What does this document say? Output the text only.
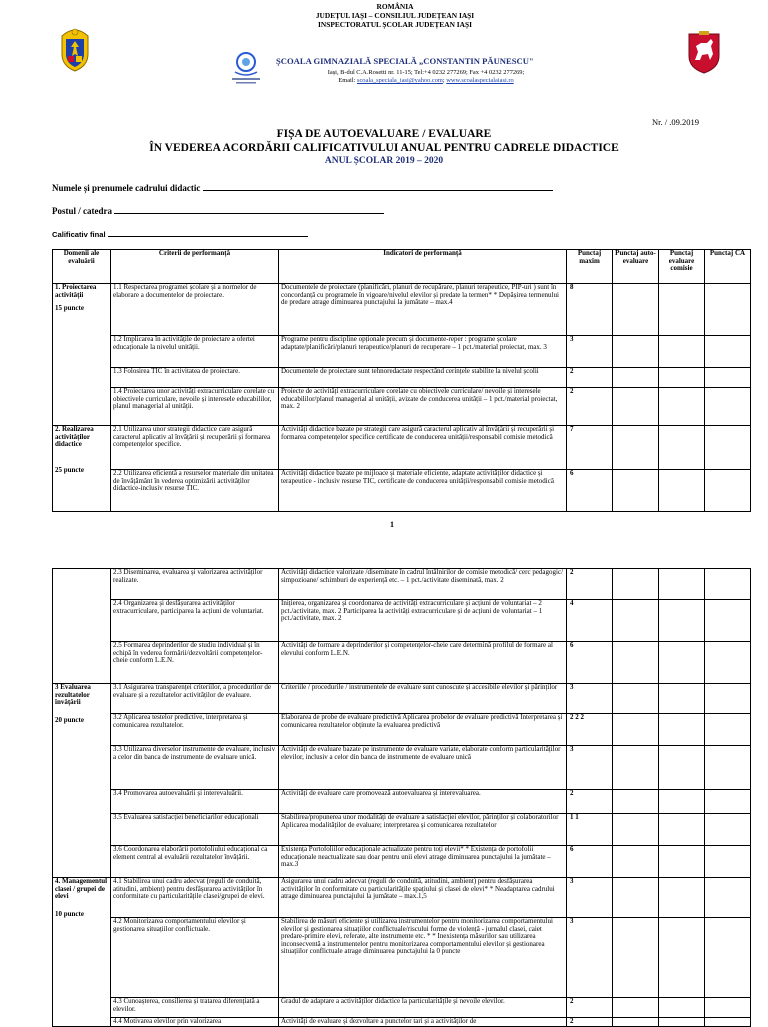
ROMÂNIA
JUDEȚUL IAȘI – CONSILIUL JUDEȚEAN IAȘI
INSPECTORATUL ȘCOLAR JUDEȚEAN IAȘI
ȘCOALA GIMNAZIALĂ SPECIALĂ „CONSTANTIN PĂUNESCU"
Iași, B-dul C.A.Rosetti nr. 11-15; Tel:+4 0232 277269; Fax +4 0232 277269;
Email: scoala_speciala_iasi@yahoo.com; www.scoalaspecialaiasi.ro
Nr. / .09.2019
FIȘA DE AUTOEVALUARE / EVALUARE
ÎN VEDEREA ACORDĂRII CALIFICATIVULUI ANUAL PENTRU CADRELE DIDACTICE
ANUL ȘCOLAR 2019 – 2020
Numele și prenumele cadrului didactic
Postul / catedra
Calificativ final
Domenii ale evaluării	Criterii de performanță	Indicatori de performanță	Punctaj maxim	Punctaj auto-evaluare	Punctaj evaluare comisie	Punctaj CA
1. Proiectarea activității
15 puncte	1.1 Respectarea programei școlare și a normelor de elaborare a documentelor de proiectare.	Documentele de proiectare (planificări, planuri de recupărare, planuri terapeutice, PIP-uri ) sunt în concordanță cu programele în vigoare/nivelul elevilor și predate la termen* * Depășirea termenului de predare atrage diminuarea punctajului la jumătate – max.4	8			
	1.2 Implicarea în activitățile de proiectare a ofertei educaționale la nivelul unității.	Programe pentru discipline opționale precum și documente-reper : programe școlare adaptate/planificări/planuri terapeutice/planuri de recuperare – 1 pct./material proiectat, max. 3	3			
	1.3 Folosirea TIC în activitatea de proiectare.	Documentele de proiectare sunt tehnoredactate respectând cerințele stabilite la nivelul școlii	2			
	1.4 Proiectarea unor activități extracurriculare corelate cu obiectivele curriculare, nevoile și interesele educabililor, planul managerial al unității.	Proiecte de activități extracurriculare corelate cu obiectivele curriculare/ nevoile și interesele educabililor/planul managerial al unității, avizate de conducerea unității – 1 pct./material proiectat, max. 2	2			
2. Realizarea activităților didactice
25 puncte	2.1 Utilizarea unor strategii didactice care asigură caracterul aplicativ al învățării și recuperării și formarea competențelor specifice.	Activități didactice bazate pe strategii care asigură caracterul aplicativ al învățării și recuperării și formarea competențelor specifice certificate de conducerea unității/responsabil comisie metodică	7			
	2.2 Utilizarea eficientă a resurselor materiale din unitatea de învățământ în vederea optimizării activităților didactice-inclusiv resurse TIC.	Activități didactice bazate pe mijloace și materiale eficiente, adaptate activităților didactice și terapeutice - inclusiv resurse TIC, certificate de conducerea unității/responsabil comisie metodică	6			
1
	2.3 Diseminarea, evaluarea și valorizarea activităților realizate.	Activități didactice valorizate /diseminate în cadrul întâlnirilor de comisie metodică/ cerc pedagogic/ simpozioane/ schimburi de experiență etc. – 1 pct./activitate diseminată, max. 2	2			
	2.4 Organizarea și desfășurarea activităților extracurriculare, participarea la acțiuni de voluntariat.	Inițierea, organizarea și coordonarea de activități extracurriculare și acțiuni de voluntariat – 2 pct./activitate, max. 2 Participarea la activități extracurriculare și de acțiuni de voluntariat – 1 pct./activitate, max. 2	4			
	2.5 Formarea deprinderilor de studiu individual și în echipă în vederea formării/dezvoltării competențelor-cheie conform L.E.N.	Activități de formare a deprinderilor și competențelor-cheie care determină profilul de formare al elevului conform L.E.N.	6			
3 Evaluarea rezultatelor învățării
20 puncte	3.1 Asigurarea transparenței criteriilor, a procedurilor de evaluare și a rezultatelor activităților de evaluare.	Criteriile / procedurile / instrumentele de evaluare sunt cunoscute și accesibile elevilor și părinților	3			
	3.2 Aplicarea testelor predictive, interpretarea și comunicarea rezultatelor.	Elaborarea de probe de evaluare predictivă Aplicarea probelor de evaluare predictivă Interpretarea și comunicarea rezultatelor obținute la evaluarea predictivă	2 2 2			
	3.3 Utilizarea diverselor instrumente de evaluare, inclusiv a celor din banca de instrumente de evaluare unică.	Activități de evaluare bazate pe instrumente de evaluare variate, elaborate conform particularităților elevilor, inclusiv a celor din banca de instrumente de evaluare unică	3			
	3.4 Promovarea autoevaluării și interevaluării.	Activități de evaluare care promovează autoevaluarea și interevaluarea.	2			
	3.5 Evaluarea satisfacției beneficiarilor educaționali	Stabilirea/propunerea unor modalități de evaluare a satisfacției elevilor, părinților și colaboratorilor Aplicarea modalităților de evaluare; interpretarea și comunicarea rezultatelor	1 1			
	3.6 Coordonarea elaborării portofoliului educațional ca element central al evaluării rezultatelor învățării.	Existența Portofoliilor educaționale actualizate pentru toți elevii* * Existența de portofolii educaționale neactualizate sau doar pentru unii elevi atrage diminuarea punctajului la jumătate – max.3	6			
4. Managementul clasei / grupei de elevi
10 puncte	4.1 Stabilirea unui cadru adecvat (reguli de conduită, atitudini, ambient) pentru desfășurarea activităților în conformitate cu particularitățile clasei/grupei de elevi.	Asigurarea unui cadru adecvat (reguli de conduită, atitudini, ambient) pentru desfășurarea activităților în conformitate cu particularitățile spațiului și clasei de elevi* * Neadaptarea cadrului atrage diminuarea punctajului la jumătate – max.1,5	3			
	4.2 Monitorizarea comportamentului elevilor și gestionarea situațiilor conflictuale.	Stabilirea de măsuri eficiente și utilizarea instrumentelor pentru monitorizarea comportamentului elevilor și gestionarea situațiilor conflictuale/riscului forme de violență - jurnalul clasei, caiet predare-primire elevi, referate, alte instrumente etc. * * Inexistența măsurilor sau utilizarea inconsecventă a instrumentelor pentru monitorizarea comportamentului elevilor și gestionarea situațiilor conflictuale atrage diminuarea punctajului la 0 puncte	3			
	4.3 Cunoașterea, consilierea și tratarea diferențiată a elevilor.	Gradul de adaptare a activităților didactice la particularitățile și nevoile elevilor.	2			
	4.4 Motivarea elevilor prin valorizarea	Activități de evaluare și dezvoltare a punctelor tari și a activităților de	2			
